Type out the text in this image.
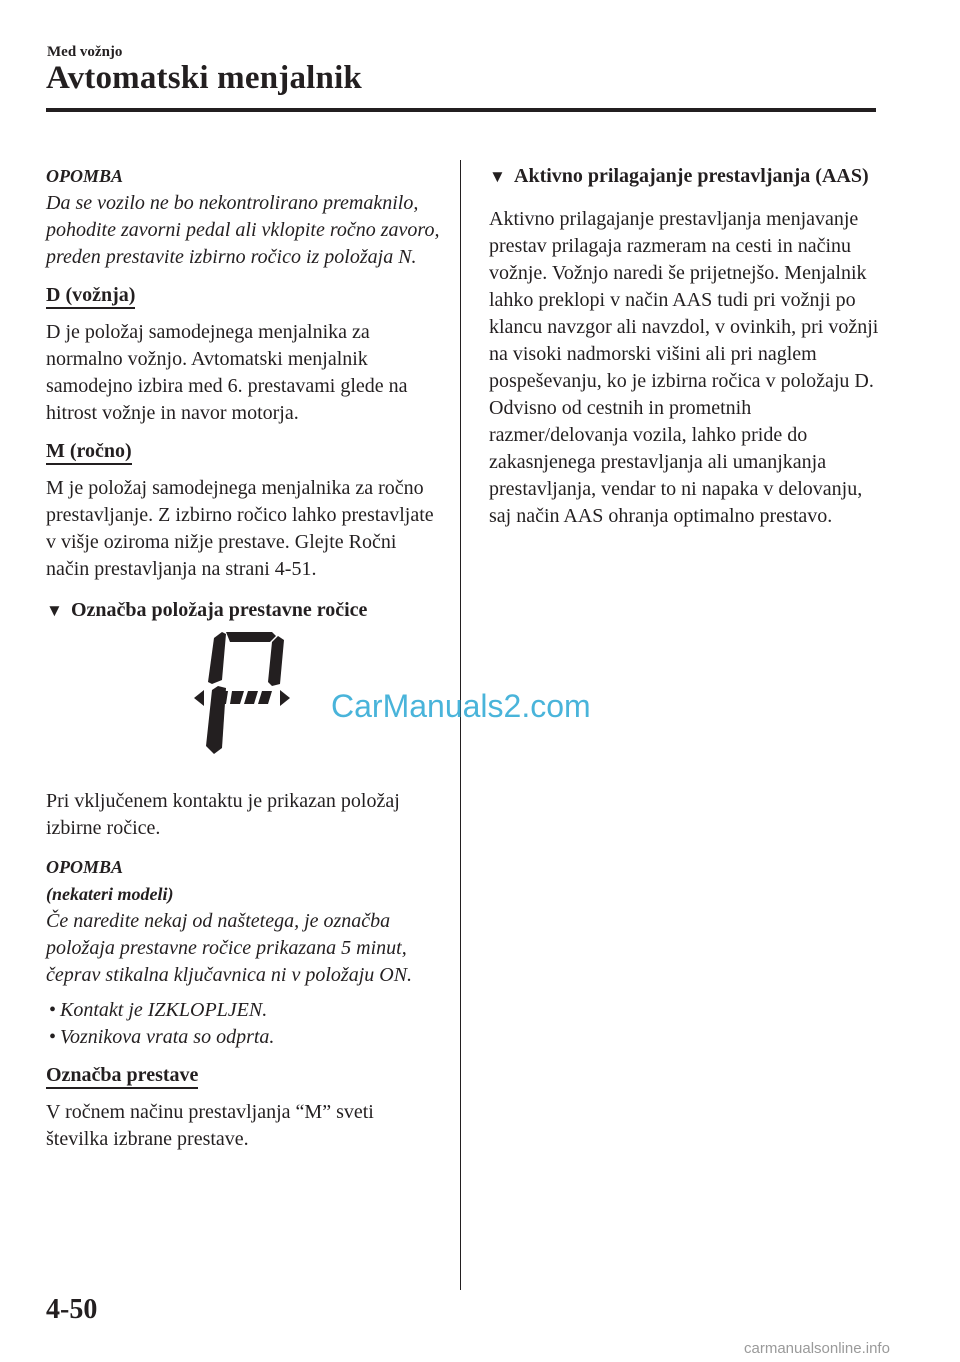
Med vožnjo
Avtomatski menjalnik

OPOMBA

Da se vozilo ne bo nekontrolirano premaknilo, pohodite zavorni pedal ali vklopite ročno zavoro, preden prestavite izbirno ročico iz položaja N.

D (vožnja)

D je položaj samodejnega menjalnika za normalno vožnjo. Avtomatski menjalnik samodejno izbira med 6. prestavami glede na hitrost vožnje in navor motorja.

M (ročno)

M je položaj samodejnega menjalnika za ročno prestavljanje. Z izbirno ročico lahko prestavljate v višje oziroma nižje prestave. Glejte Ročni način prestavljanja na strani 4-51.

▼ Označba položaja prestavne ročice

Pri vključenem kontaktu je prikazan položaj izbirne ročice.

OPOMBA

(nekateri modeli)

Če naredite nekaj od naštetega, je označba položaja prestavne ročice prikazana 5 minut, čeprav stikalna ključavnica ni v položaju ON.

• Kontakt je IZKLOPLJEN.
• Voznikova vrata so odprta.
Označba prestave

V ročnem načinu prestavljanja “M” sveti številka izbrane prestave.

▼ Aktivno prilagajanje prestavljanja (AAS)

Aktivno prilagajanje prestavljanja menjavanje prestav prilagaja razmeram na cesti in načinu vožnje. Vožnjo naredi še prijetnejšo. Menjalnik lahko preklopi v način AAS tudi pri vožnji po klancu navzgor ali navzdol, v ovinkih, pri vožnji na visoki nadmorski višini ali pri naglem pospeševanju, ko je izbirna ročica v položaju D. Odvisno od cestnih in prometnih razmer/delovanja vozila, lahko pride do zakasnjenega prestavljanja ali umanjkanja prestavljanja, vendar to ni napaka v delovanju, saj način AAS ohranja optimalno prestavo.

CarManuals2.com
4-50
carmanualsonline.info
